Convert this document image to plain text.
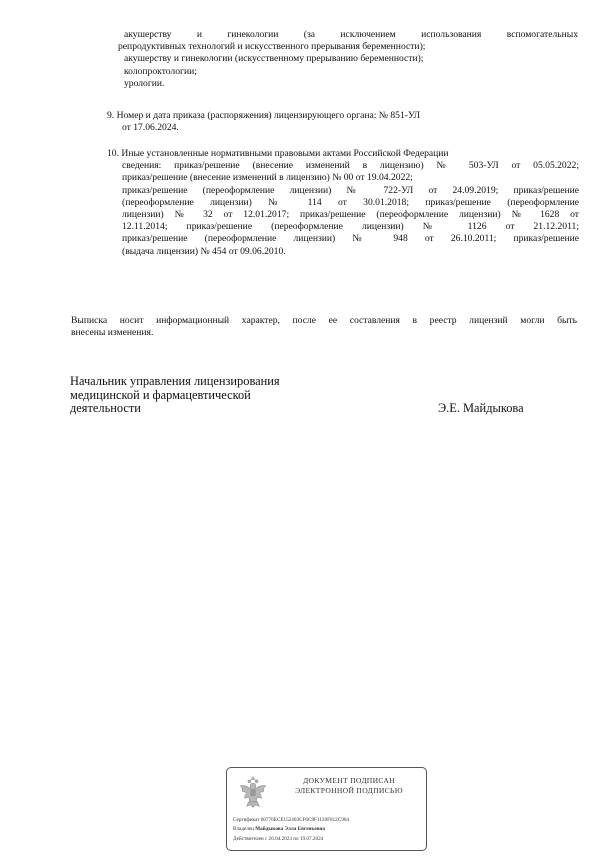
акушерству и гинекологии (за исключением использования вспомогательных
репродуктивных технологий и искусственного прерывания беременности);
акушерству и гинекологии (искусственному прерыванию беременности);
колопроктологии;
урологии.
9. Номер и дата приказа (распоряжения) лицензирующего органа: № 851-УЛ
от 17.06.2024.
10. Иные установленные нормативными правовыми актами Российской Федерации
сведения: приказ/решение (внесение изменений в лицензию) № 503-УЛ от 05.05.2022;
приказ/решение (внесение изменений в лицензию) № 00 от 19.04.2022;
приказ/решение (переоформление лицензии) № 722-УЛ от 24.09.2019; приказ/решение
(переоформление лицензии) № 114 от 30.01.2018; приказ/решение (переоформление
лицензии) № 32 от 12.01.2017; приказ/решение (переоформление лицензии) № 1628 от
12.11.2014; приказ/решение (переоформление лицензии) № 1126 от 21.12.2011;
приказ/решение (переоформление лицензии) № 948 от 26.10.2011; приказ/решение
(выдача лицензии) № 454 от 09.06.2010.
Выписка носит информационный характер, после ее составления в реестр лицензий могли быть
внесены изменения.
Начальник управления лицензирования
медицинской и фармацевтической
деятельности	Э.Е. Майдыкова
ДОКУМЕНТ ПОДПИСАН
ЭЛЕКТРОННОЙ ПОДПИСЬЮ
Сертификат 00776ECE152403CF6C9F1120F812C904
Владелец Майдыкова Элла Евгеньевна
Действителен с 26.04.2023 по 19.07.2024
